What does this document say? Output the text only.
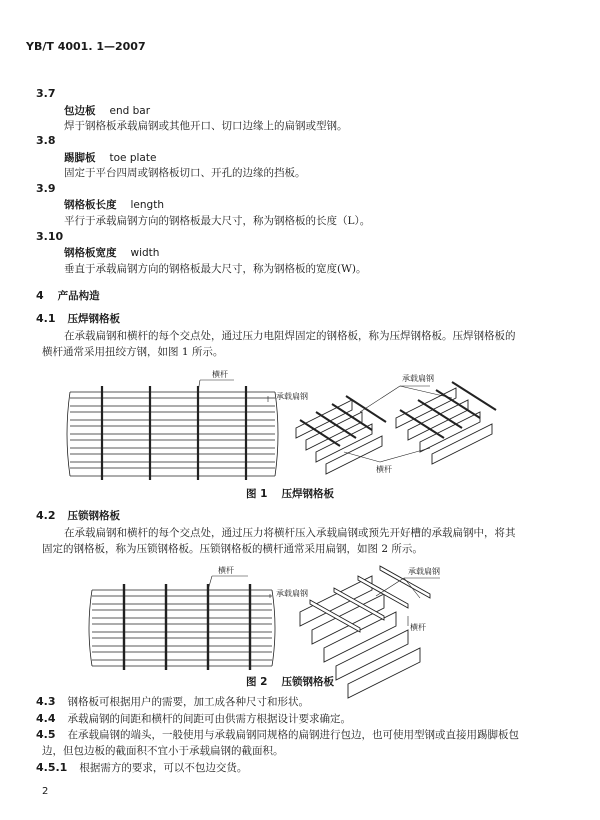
YB/T 4001. 1—2007
3.7
包边板 end bar
焊于钢格板承载扁钢或其他开口、切口边缘上的扁钢或型钢。
3.8
踢脚板 toe plate
固定于平台四周或钢格板切口、开孔的边缘的挡板。
3.9
钢格板长度 length
平行于承载扁钢方向的钢格板最大尺寸，称为钢格板的长度（L）。
3.10
钢格板宽度 width
垂直于承载扁钢方向的钢格板最大尺寸，称为钢格板的宽度(W)。
4 产品构造
4.1 压焊钢格板
在承载扁钢和横杆的每个交点处，通过压力电阻焊固定的钢格板，称为压焊钢格板。压焊钢格板的
横杆通常采用扭绞方钢，如图 1 所示。
横杆
承载扁钢
承载扁钢
横杆
横杆
承载扁钢
承载扁钢
横杆
图 1 压焊钢格板
4.2 压锁钢格板
在承载扁钢和横杆的每个交点处，通过压力将横杆压入承载扁钢或预先开好槽的承载扁钢中，将其
固定的钢格板，称为压锁钢格板。压锁钢格板的横杆通常采用扁钢，如图 2 所示。
图 2 压锁钢格板
4.3 钢格板可根据用户的需要，加工成各种尺寸和形状。
4.4 承载扁钢的间距和横杆的间距可由供需方根据设计要求确定。
4.5 在承载扁钢的端头，一般使用与承载扁钢同规格的扁钢进行包边，也可使用型钢或直接用踢脚板包
边，但包边板的截面积不宜小于承载扁钢的截面积。
4.5.1 根据需方的要求，可以不包边交货。
2
